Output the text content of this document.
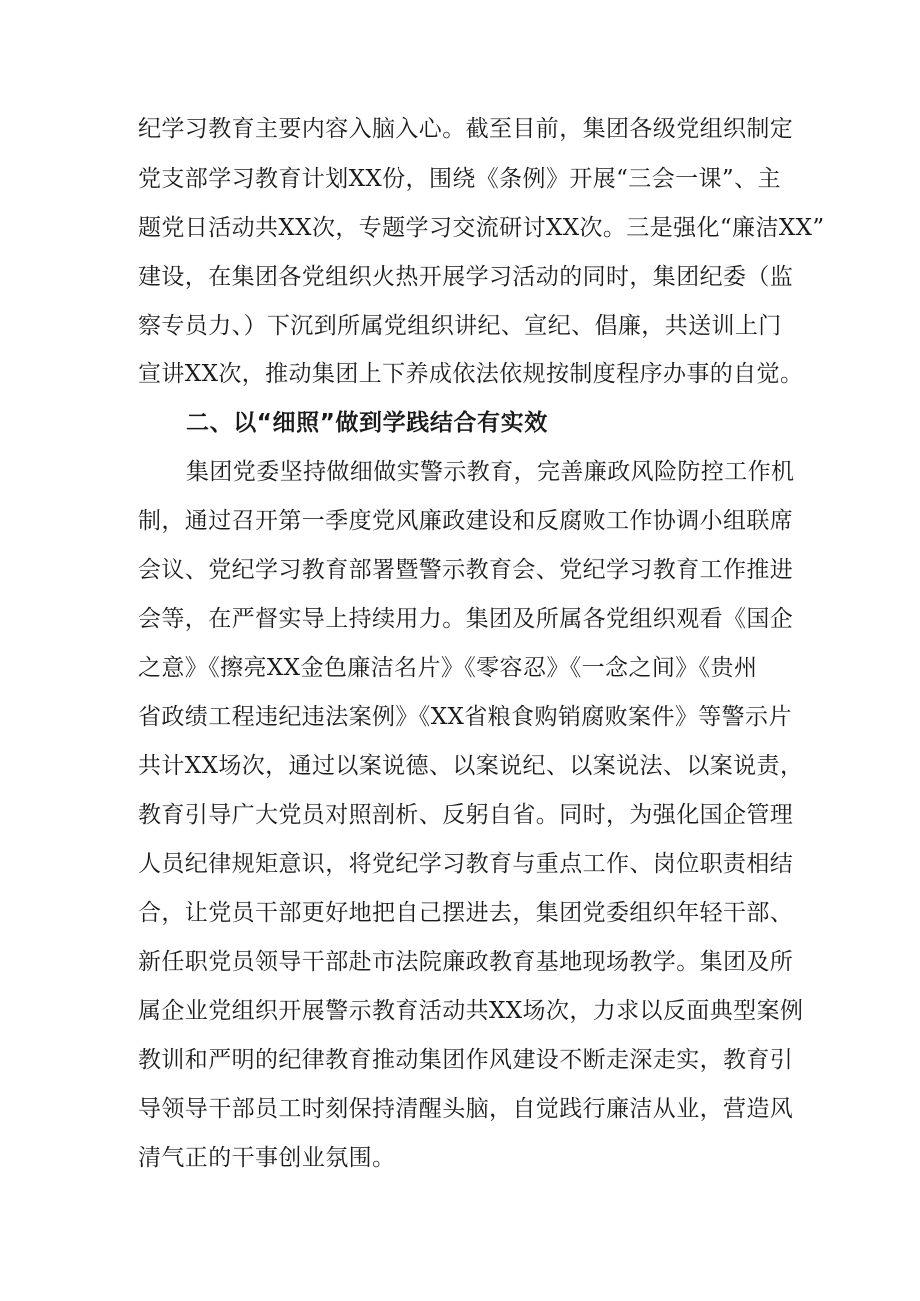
纪学习教育主要内容入脑入心。截至目前，集团各级党组织制定
党支部学习教育计划XX份，围绕《条例》开展“三会一课”、主
题党日活动共XX次，专题学习交流研讨XX次。三是强化“廉洁XX”
建设，在集团各党组织火热开展学习活动的同时，集团纪委（监
察专员力、）下沉到所属党组织讲纪、宣纪、倡廉，共送训上门
宣讲XX次，推动集团上下养成依法依规按制度程序办事的自觉。
二、以“细照”做到学践结合有实效
集团党委坚持做细做实警示教育，完善廉政风险防控工作机
制，通过召开第一季度党风廉政建设和反腐败工作协调小组联席
会议、党纪学习教育部署暨警示教育会、党纪学习教育工作推进
会等，在严督实导上持续用力。集团及所属各党组织观看《国企
之意》《擦亮XX金色廉洁名片》《零容忍》《一念之间》《贵州
省政绩工程违纪违法案例》《XX省粮食购销腐败案件》等警示片
共计XX场次，通过以案说德、以案说纪、以案说法、以案说责，
教育引导广大党员对照剖析、反躬自省。同时，为强化国企管理
人员纪律规矩意识，将党纪学习教育与重点工作、岗位职责相结
合，让党员干部更好地把自己摆进去，集团党委组织年轻干部、
新任职党员领导干部赴市法院廉政教育基地现场教学。集团及所
属企业党组织开展警示教育活动共XX场次，力求以反面典型案例
教训和严明的纪律教育推动集团作风建设不断走深走实，教育引
导领导干部员工时刻保持清醒头脑，自觉践行廉洁从业，营造风
清气正的干事创业氛围。
